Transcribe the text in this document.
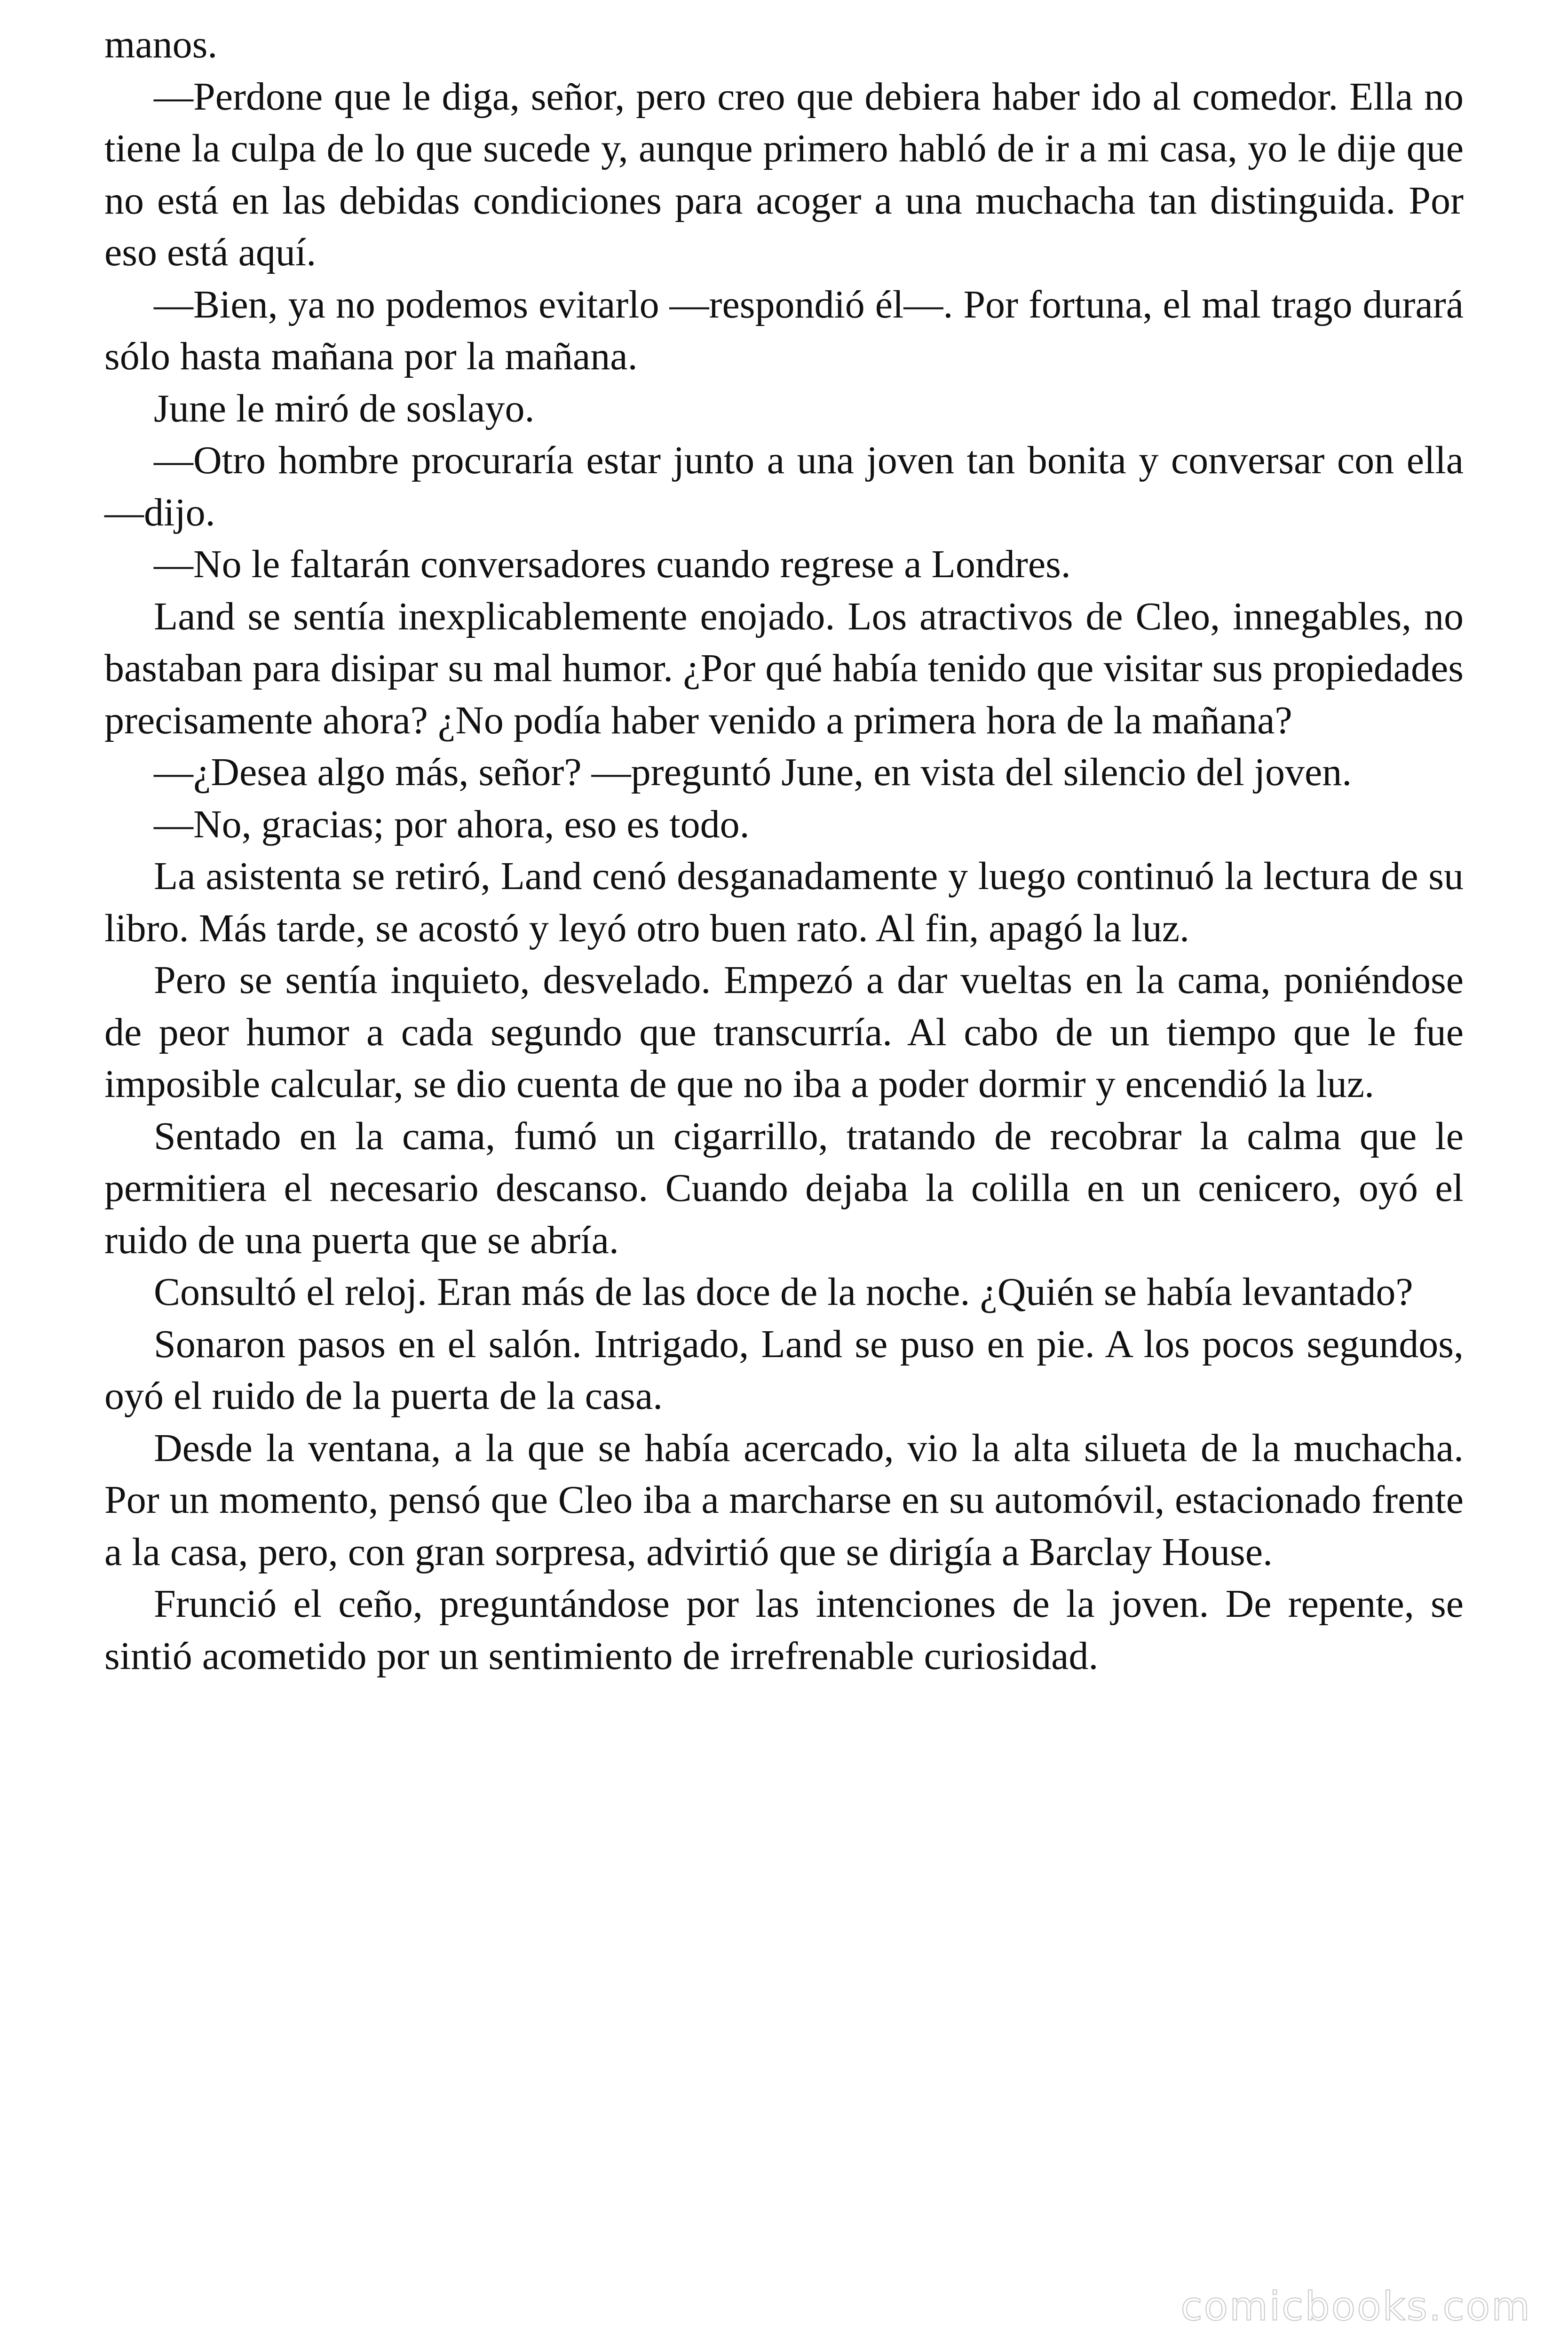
manos.

—Perdone que le diga, señor, pero creo que debiera haber ido al comedor. Ella no tiene la culpa de lo que sucede y, aunque primero habló de ir a mi casa, yo le dije que no está en las debidas condiciones para acoger a una muchacha tan distinguida. Por eso está aquí.

—Bien, ya no podemos evitarlo —respondió él—. Por fortuna, el mal trago durará sólo hasta mañana por la mañana.

June le miró de soslayo.

—Otro hombre procuraría estar junto a una joven tan bonita y conversar con ella —dijo.

—No le faltarán conversadores cuando regrese a Londres.

Land se sentía inexplicablemente enojado. Los atractivos de Cleo, innegables, no bastaban para disipar su mal humor. ¿Por qué había tenido que visitar sus propiedades precisamente ahora? ¿No podía haber venido a primera hora de la mañana?

—¿Desea algo más, señor? —preguntó June, en vista del silencio del joven.

—No, gracias; por ahora, eso es todo.

La asistenta se retiró, Land cenó desganadamente y luego continuó la lectura de su libro. Más tarde, se acostó y leyó otro buen rato. Al fin, apagó la luz.

Pero se sentía inquieto, desvelado. Empezó a dar vueltas en la cama, poniéndose de peor humor a cada segundo que transcurría. Al cabo de un tiempo que le fue imposible calcular, se dio cuenta de que no iba a poder dormir y encendió la luz.

Sentado en la cama, fumó un cigarrillo, tratando de recobrar la calma que le permitiera el necesario descanso. Cuando dejaba la colilla en un cenicero, oyó el ruido de una puerta que se abría.

Consultó el reloj. Eran más de las doce de la noche. ¿Quién se había levantado?

Sonaron pasos en el salón. Intrigado, Land se puso en pie. A los pocos segundos, oyó el ruido de la puerta de la casa.

Desde la ventana, a la que se había acercado, vio la alta silueta de la muchacha. Por un momento, pensó que Cleo iba a marcharse en su automóvil, estacionado frente a la casa, pero, con gran sorpresa, advirtió que se dirigía a Barclay House.

Frunció el ceño, preguntándose por las intenciones de la joven. De repente, se sintió acometido por un sentimiento de irrefrenable curiosidad.

comicbooks.com
